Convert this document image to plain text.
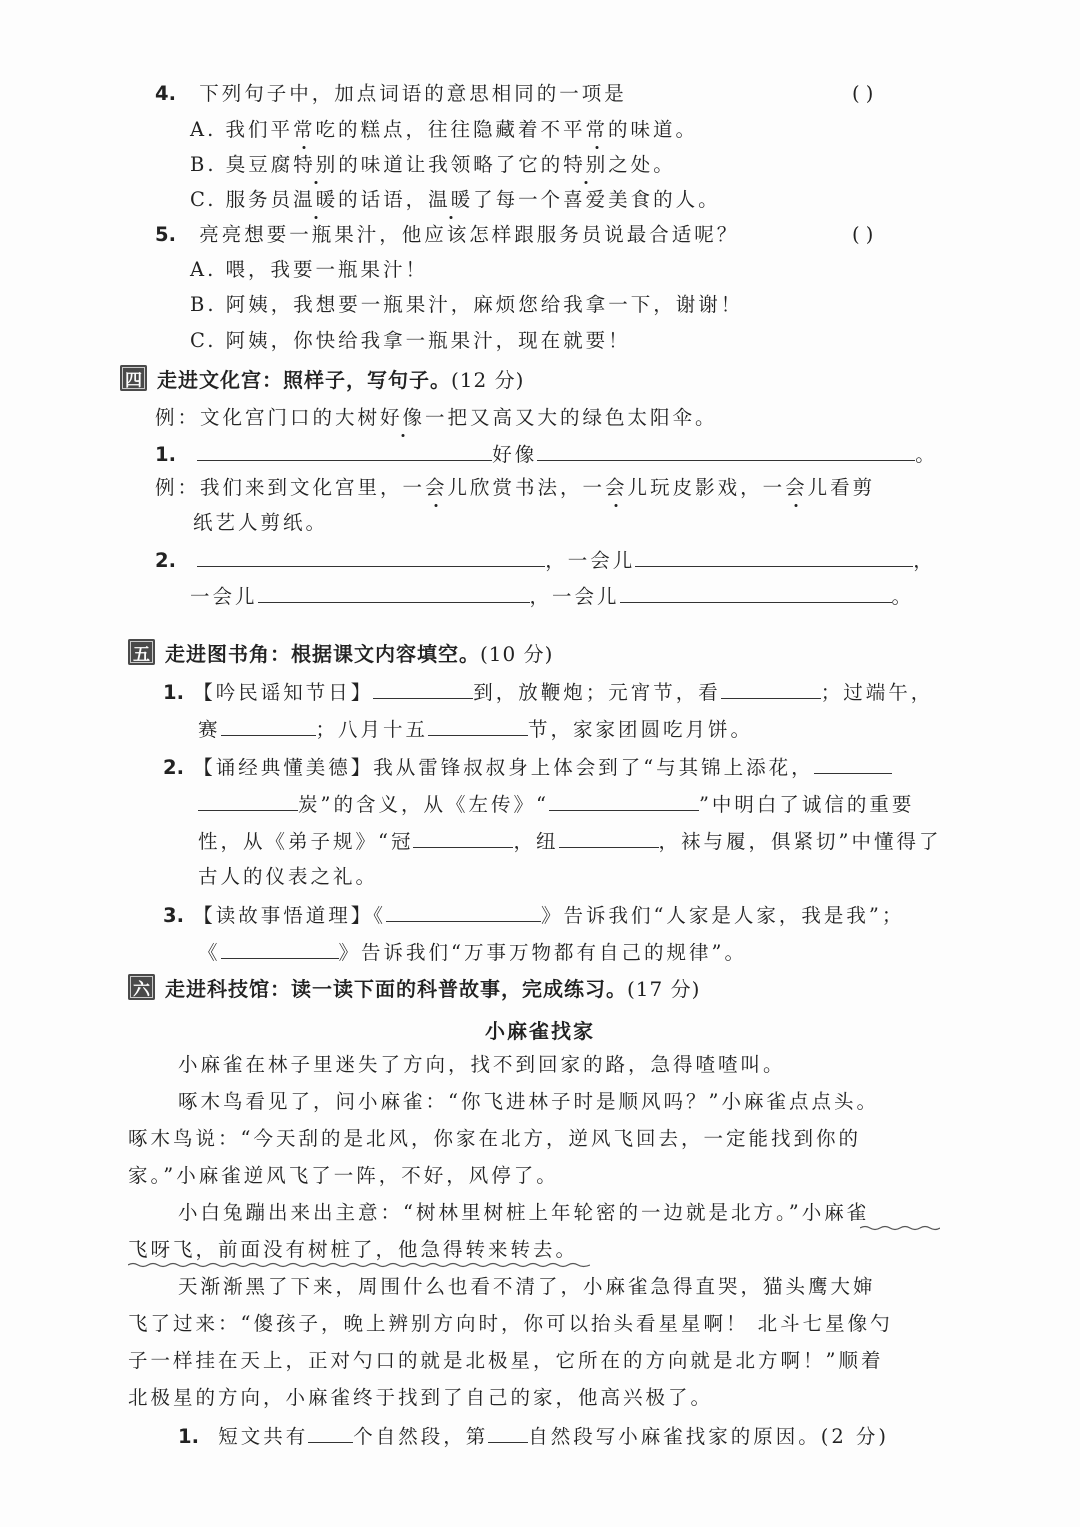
4. 下列句子中，加点词语的意思相同的一项是	( )
A. 我们平常吃的糕点，往往隐藏着不平常的味道。
B. 臭豆腐特别的味道让我领略了它的特别之处。
C. 服务员温暖的话语，温暖了每一个喜爱美食的人。
5. 亮亮想要一瓶果汁，他应该怎样跟服务员说最合适呢？	( )
A. 喂，我要一瓶果汁！
B. 阿姨，我想要一瓶果汁，麻烦您给我拿一下，谢谢！
C. 阿姨，你快给我拿一瓶果汁，现在就要！
四 走进文化宫：照样子，写句子。 (12 分)
例：文化宫门口的大树好像一把又高又大的绿色太阳伞。
1.	好像	。
例：我们来到文化宫里，一会儿欣赏书法，一会儿玩皮影戏，一会儿看剪
纸艺人剪纸。
2.	，一会儿	，
一会儿	，一会儿	。
五 走进图书角：根据课文内容填空。 (10 分)
1. 【吟民谣知节日】	到，放鞭炮；元宵节，看	；过端午，
赛	；八月十五	节，家家团圆吃月饼。
2. 【诵经典懂美德】我从雷锋叔叔身上体会到了“与其锦上添花，
炭”的含义，从《左传》“	”中明白了诚信的重要
性，从《弟子规》“冠	，纽	，袜与履，俱紧切”中懂得了
古人的仪表之礼。
3. 【读故事悟道理】《	》告诉我们“人家是人家，我是我”；
《	》告诉我们“万事万物都有自己的规律”。
六 走进科技馆：读一读下面的科普故事，完成练习。 (17 分)
小麻雀找家
小麻雀在林子里迷失了方向，找不到回家的路，急得喳喳叫。
啄木鸟看见了，问小麻雀：“你飞进林子时是顺风吗？”小麻雀点点头。
啄木鸟说：“今天刮的是北风，你家在北方，逆风飞回去，一定能找到你的
家。”小麻雀逆风飞了一阵，不好，风停了。
小白兔蹦出来出主意：“树林里树桩上年轮密的一边就是北方。”小麻雀
飞呀飞，前面没有树桩了，他急得转来转去。
天渐渐黑了下来，周围什么也看不清了，小麻雀急得直哭，猫头鹰大婶
飞了过来：“傻孩子，晚上辨别方向时，你可以抬头看星星啊！ 北斗七星像勺
子一样挂在天上，正对勺口的就是北极星，它所在的方向就是北方啊！”顺着
北极星的方向，小麻雀终于找到了自己的家，他高兴极了。
1. 短文共有 个自然段，第 自然段写小麻雀找家的原因。(2 分)
